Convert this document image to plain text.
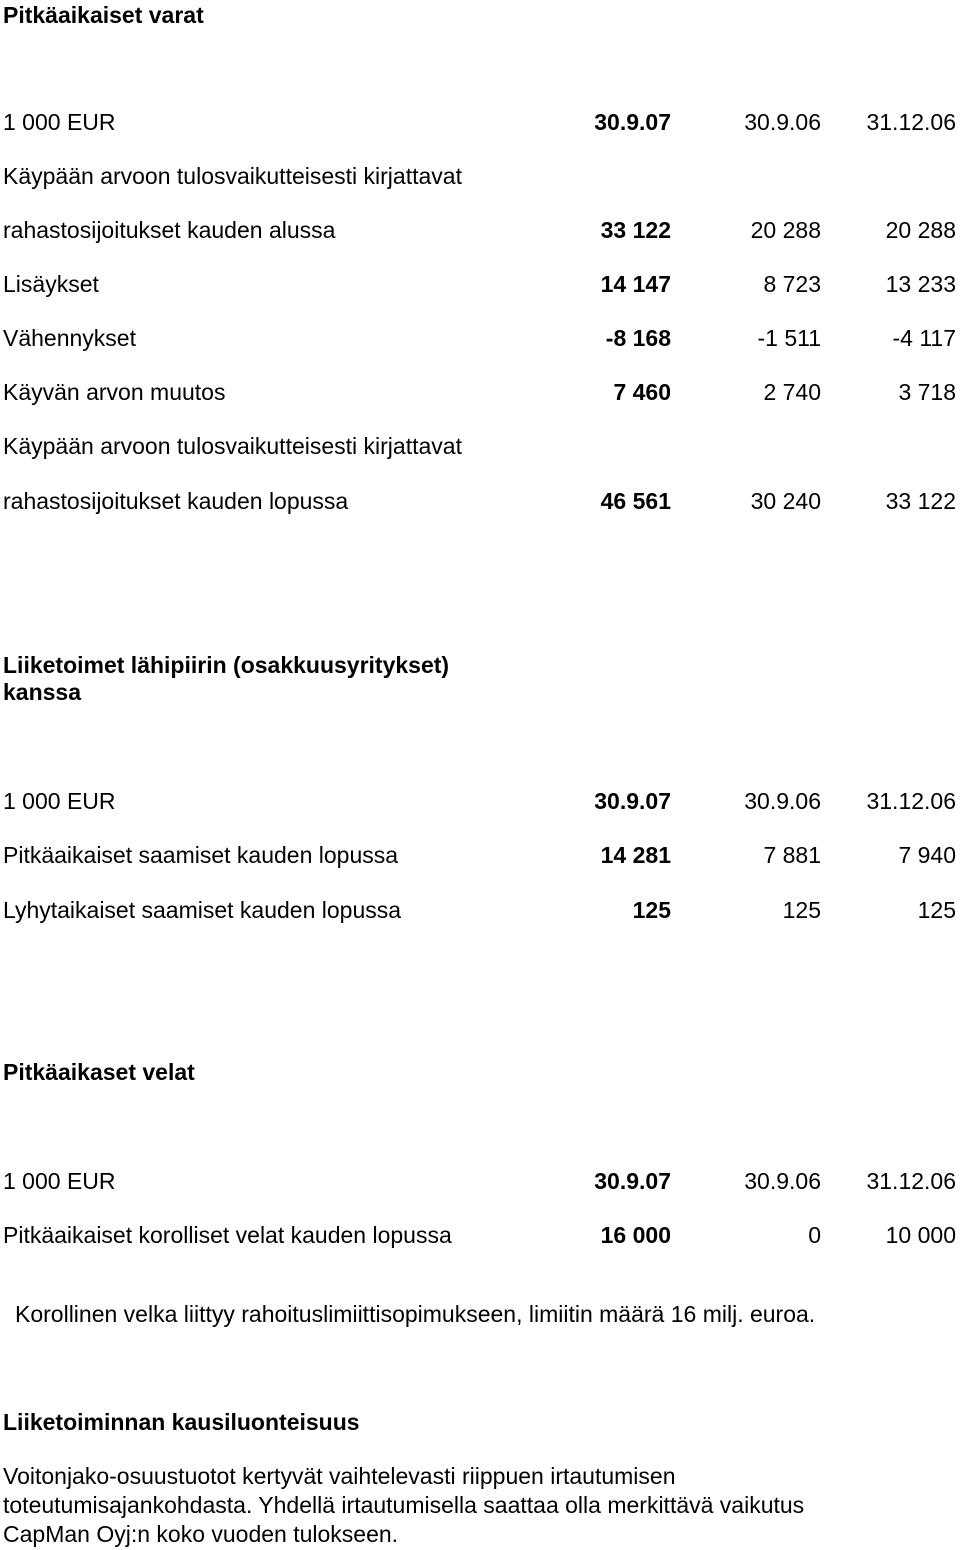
Pitkäaikaiset varat
1 000 EUR	30.9.07	30.9.06 31.12.06
Käypään arvoon tulosvaikutteisesti kirjattavat
rahastosijoitukset kauden alussa	33 122	20 288	20 288
Lisäykset	14 147	8 723	13 233
Vähennykset	-8 168	-1 511	-4 117
Käyvän arvon muutos	7 460	2 740	3 718
Käypään arvoon tulosvaikutteisesti kirjattavat
rahastosijoitukset kauden lopussa	46 561	30 240	33 122
Liiketoimet lähipiirin (osakkuusyritykset)
kanssa
1 000 EUR	30.9.07	30.9.06 31.12.06
Pitkäaikaiset saamiset kauden lopussa	14 281	7 881	7 940
Lyhytaikaiset saamiset kauden lopussa	125	125	125
Pitkäaikaset velat
1 000 EUR	30.9.07	30.9.06 31.12.06
Pitkäaikaiset korolliset velat kauden lopussa	16 000	0	10 000
Korollinen velka liittyy rahoituslimiittisopimukseen, limiitin määrä 16 milj. euroa.
Liiketoiminnan kausiluonteisuus
Voitonjako-osuustuotot kertyvät vaihtelevasti riippuen irtautumisen
toteutumisajankohdasta. Yhdellä irtautumisella saattaa olla merkittävä vaikutus
CapMan Oyj:n koko vuoden tulokseen.
